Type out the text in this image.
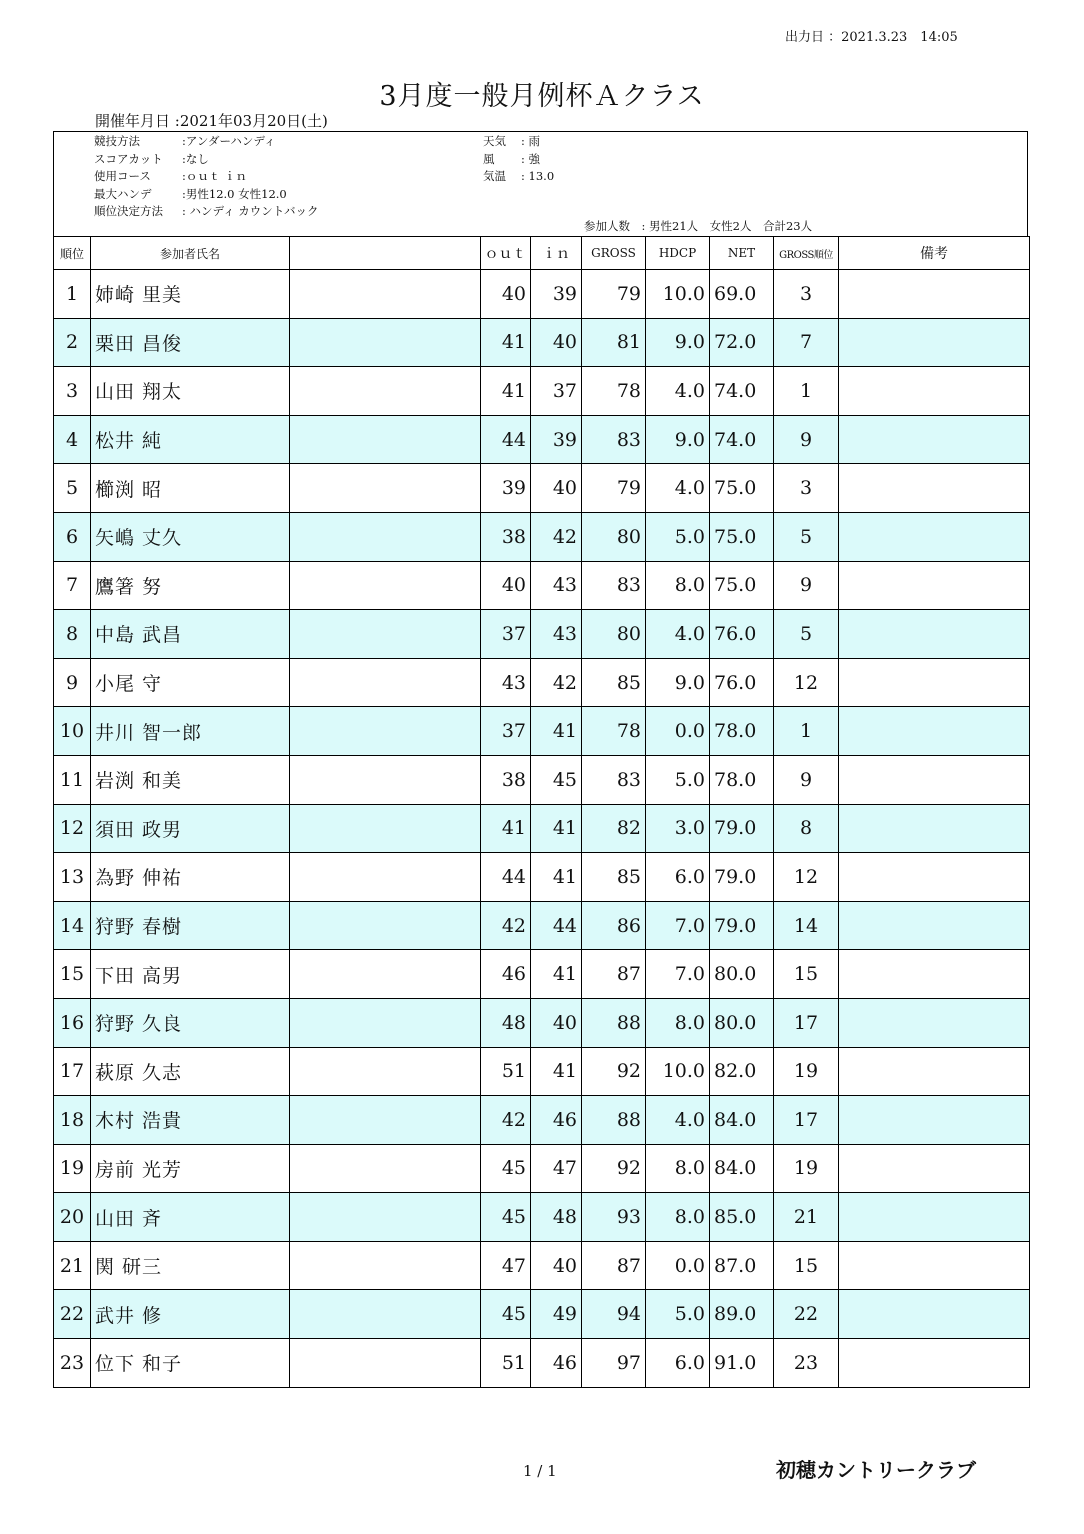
出力日 ：2021.3.23　14:05
3月度一般月例杯Ａクラス
開催年月日 :2021年03月20日(土)
競技方法	:アンダーハンディ
スコアカット	:なし
使用コース	:ｏｕｔ ｉｎ
最大ハンデ	:男性12.0 女性12.0
順位決定方法	: ハンディ カウントバック
天気	: 雨
風	: 強
気温	: 13.0
参加人数　: 男性21人　女性2人　合計23人
順位	参加者氏名		ｏｕｔ	ｉｎ	GROSS	HDCP	NET	GROSS順位	備考
1	姉崎 里美		40	39	79	10.0	69.0	3	
2	栗田 昌俊		41	40	81	9.0	72.0	7	
3	山田 翔太		41	37	78	4.0	74.0	1	
4	松井 純		44	39	83	9.0	74.0	9	
5	櫛渕 昭		39	40	79	4.0	75.0	3	
6	矢嶋 丈久		38	42	80	5.0	75.0	5	
7	鷹箸 努		40	43	83	8.0	75.0	9	
8	中島 武昌		37	43	80	4.0	76.0	5	
9	小尾 守		43	42	85	9.0	76.0	12	
10	井川 智一郎		37	41	78	0.0	78.0	1	
11	岩渕 和美		38	45	83	5.0	78.0	9	
12	須田 政男		41	41	82	3.0	79.0	8	
13	為野 伸祐		44	41	85	6.0	79.0	12	
14	狩野 春樹		42	44	86	7.0	79.0	14	
15	下田 高男		46	41	87	7.0	80.0	15	
16	狩野 久良		48	40	88	8.0	80.0	17	
17	萩原 久志		51	41	92	10.0	82.0	19	
18	木村 浩貴		42	46	88	4.0	84.0	17	
19	房前 光芳		45	47	92	8.0	84.0	19	
20	山田 斉		45	48	93	8.0	85.0	21	
21	関 研三		47	40	87	0.0	87.0	15	
22	武井 修		45	49	94	5.0	89.0	22	
23	位下 和子		51	46	97	6.0	91.0	23	
1 / 1	初穂カントリークラブ
